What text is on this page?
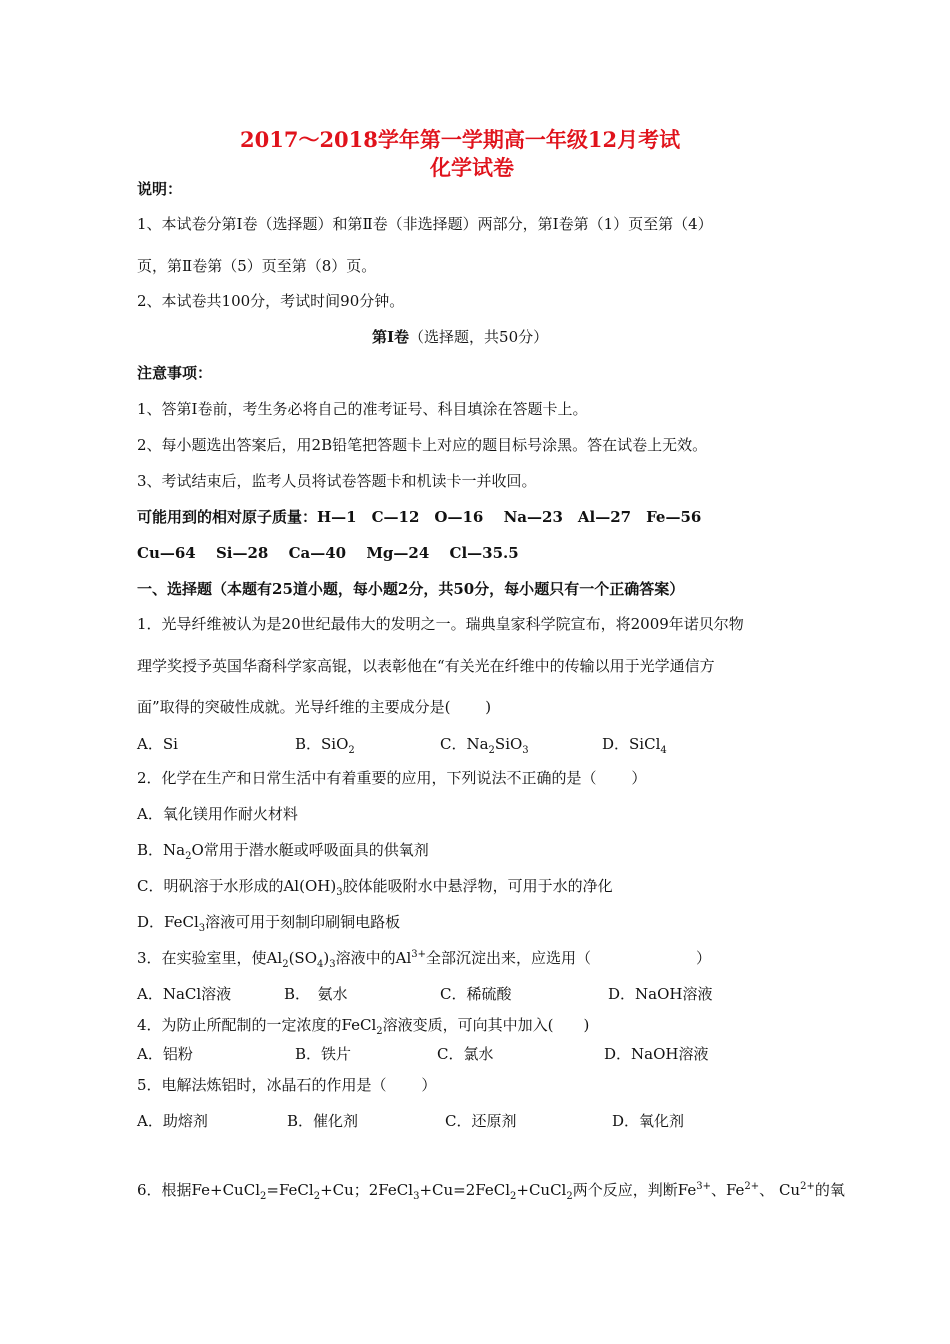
2017～2018学年第一学期高一年级12月考试
化学试卷
说明：
1、本试卷分第Ⅰ卷（选择题）和第Ⅱ卷（非选择题）两部分，第Ⅰ卷第（1）页至第（4）
页，第Ⅱ卷第（5）页至第（8）页。
2、本试卷共100分，考试时间90分钟。
第Ⅰ卷（选择题，共50分）
注意事项：
1、答第Ⅰ卷前，考生务必将自己的准考证号、科目填涂在答题卡上。
2、每小题选出答案后，用2B铅笔把答题卡上对应的题目标号涂黑。答在试卷上无效。
3、考试结束后，监考人员将试卷答题卡和机读卡一并收回。
可能用到的相对原子质量：H—1　C—12　O—16　 Na—23　Al—27　Fe—56
Cu—64　 Si—28　 Ca—40　 Mg—24　 Cl—35.5
一、选择题（本题有25道小题，每小题2分，共50分，每小题只有一个正确答案）
1．光导纤维被认为是20世纪最伟大的发明之一。瑞典皇家科学院宣布，将2009年诺贝尔物
理学奖授予英国华裔科学家高锟，以表彰他在“有关光在纤维中的传输以用于光学通信方
面”取得的突破性成就。光导纤维的主要成分是(　　 )
A．Si	B．SiO$_2$	C．$Na_2SiO_3$	D．SiCl$_4$
2．化学在生产和日常生活中有着重要的应用，下列说法不正确的是（　　 ）
A．氧化镁用作耐火材料
B．$Na_2O$常用于潜水艇或呼吸面具的供氧剂
C．明矾溶于水形成的$Al(OH)_3$胶体能吸附水中悬浮物，可用于水的净化
D．FeCl$_3$溶液可用于刻制印刷铜电路板
3．在实验室里，使$Al_2(SO_4)_3$溶液中的$Al^{3+}$全部沉淀出来，应选用（　　　　　　　）
A．NaCl溶液	B．　氨水	C．稀硫酸	D．NaOH溶液
4．为防止所配制的一定浓度的FeCl$_2$溶液变质，可向其中加入(　　)
A．铝粉	B．铁片	C．氯水	D．NaOH溶液
5．电解法炼铝时，冰晶石的作用是（　　 ）
A．助熔剂	B．催化剂	C．还原剂	D．氧化剂
6．根据Fe+CuCl$_2$=FeCl$_2$+Cu；2FeCl$_3$+Cu=2FeCl$_2$+CuCl$_2$两个反应，判断$Fe^{3+}$、$Fe^{2+}$、 $Cu^{2+}$的氧
